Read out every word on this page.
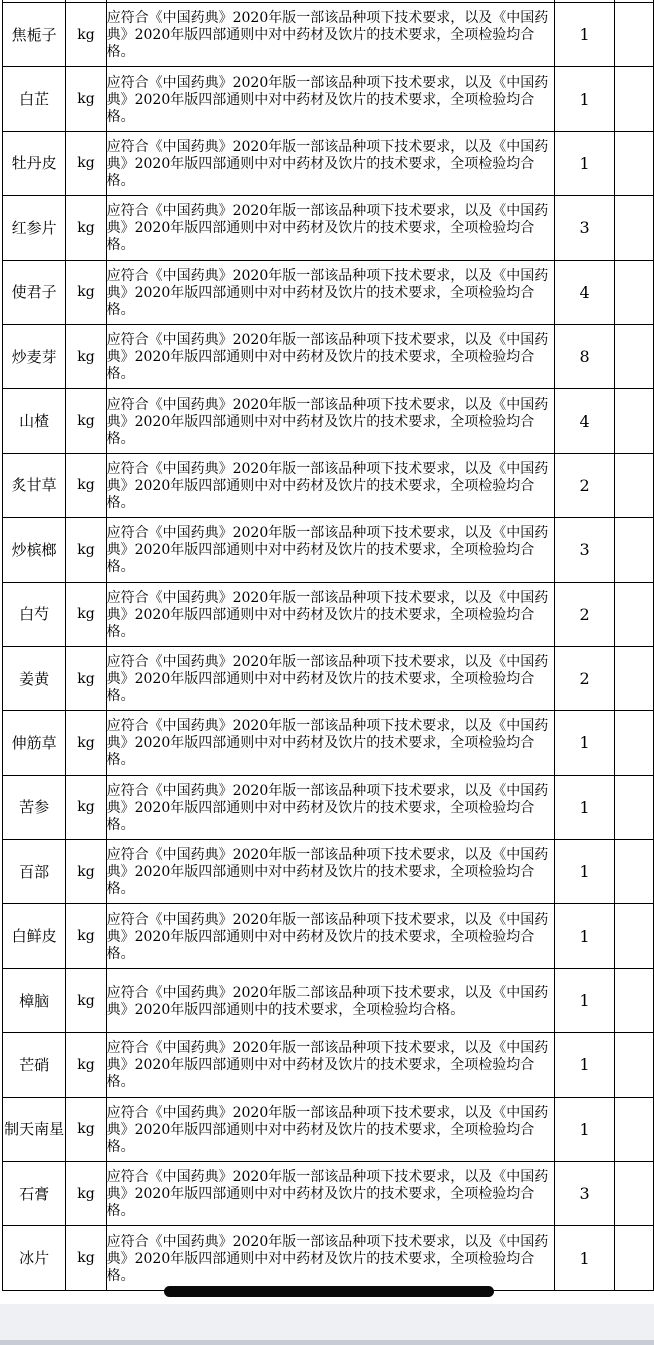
焦栀子	kg	应符合《中国药典》2020年版一部该品种项下技术要求，以及《中国药典》2020年版四部通则中对中药材及饮片的技术要求，全项检验均合格。	1	
白芷	kg	应符合《中国药典》2020年版一部该品种项下技术要求，以及《中国药典》2020年版四部通则中对中药材及饮片的技术要求，全项检验均合格。	1	
牡丹皮	kg	应符合《中国药典》2020年版一部该品种项下技术要求，以及《中国药典》2020年版四部通则中对中药材及饮片的技术要求，全项检验均合格。	1	
红参片	kg	应符合《中国药典》2020年版一部该品种项下技术要求，以及《中国药典》2020年版四部通则中对中药材及饮片的技术要求，全项检验均合格。	3	
使君子	kg	应符合《中国药典》2020年版一部该品种项下技术要求，以及《中国药典》2020年版四部通则中对中药材及饮片的技术要求，全项检验均合格。	4	
炒麦芽	kg	应符合《中国药典》2020年版一部该品种项下技术要求，以及《中国药典》2020年版四部通则中对中药材及饮片的技术要求，全项检验均合格。	8	
山楂	kg	应符合《中国药典》2020年版一部该品种项下技术要求，以及《中国药典》2020年版四部通则中对中药材及饮片的技术要求，全项检验均合格。	4	
炙甘草	kg	应符合《中国药典》2020年版一部该品种项下技术要求，以及《中国药典》2020年版四部通则中对中药材及饮片的技术要求，全项检验均合格。	2	
炒槟榔	kg	应符合《中国药典》2020年版一部该品种项下技术要求，以及《中国药典》2020年版四部通则中对中药材及饮片的技术要求，全项检验均合格。	3	
白芍	kg	应符合《中国药典》2020年版一部该品种项下技术要求，以及《中国药典》2020年版四部通则中对中药材及饮片的技术要求，全项检验均合格。	2	
姜黄	kg	应符合《中国药典》2020年版一部该品种项下技术要求，以及《中国药典》2020年版四部通则中对中药材及饮片的技术要求，全项检验均合格。	2	
伸筋草	kg	应符合《中国药典》2020年版一部该品种项下技术要求，以及《中国药典》2020年版四部通则中对中药材及饮片的技术要求，全项检验均合格。	1	
苦参	kg	应符合《中国药典》2020年版一部该品种项下技术要求，以及《中国药典》2020年版四部通则中对中药材及饮片的技术要求，全项检验均合格。	1	
百部	kg	应符合《中国药典》2020年版一部该品种项下技术要求，以及《中国药典》2020年版四部通则中对中药材及饮片的技术要求，全项检验均合格。	1	
白鲜皮	kg	应符合《中国药典》2020年版一部该品种项下技术要求，以及《中国药典》2020年版四部通则中对中药材及饮片的技术要求，全项检验均合格。	1	
樟脑	kg	应符合《中国药典》2020年版二部该品种项下技术要求，以及《中国药典》2020年版四部通则中的技术要求，全项检验均合格。	1	
芒硝	kg	应符合《中国药典》2020年版一部该品种项下技术要求，以及《中国药典》2020年版四部通则中对中药材及饮片的技术要求，全项检验均合格。	1	
制天南星	kg	应符合《中国药典》2020年版一部该品种项下技术要求，以及《中国药典》2020年版四部通则中对中药材及饮片的技术要求，全项检验均合格。	1	
石膏	kg	应符合《中国药典》2020年版一部该品种项下技术要求，以及《中国药典》2020年版四部通则中对中药材及饮片的技术要求，全项检验均合格。	3	
冰片	kg	应符合《中国药典》2020年版一部该品种项下技术要求，以及《中国药典》2020年版四部通则中对中药材及饮片的技术要求，全项检验均合格。	1	
